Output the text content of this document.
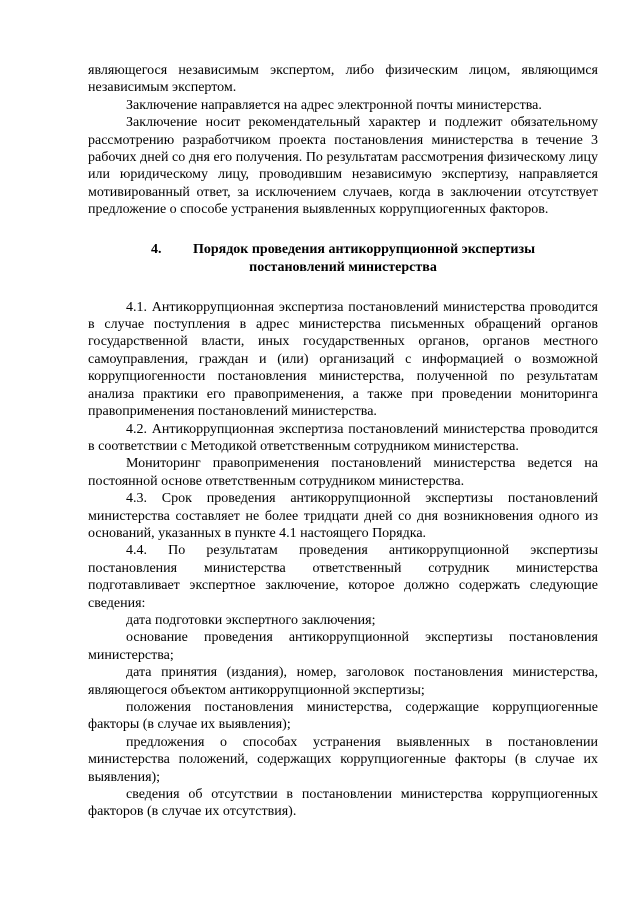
являющегося независимым экспертом, либо физическим лицом, являющимся независимым экспертом.

Заключение направляется на адрес электронной почты министерства.

Заключение носит рекомендательный характер и подлежит обязательному рассмотрению разработчиком проекта постановления министерства в течение 3 рабочих дней со дня его получения. По результатам рассмотрения физическому лицу или юридическому лицу, проводившим независимую экспертизу, направляется мотивированный ответ, за исключением случаев, когда в заключении отсутствует предложение о способе устранения выявленных коррупциогенных факторов.

4. Порядок проведения антикоррупционной экспертизы
постановлений министерства

4.1. Антикоррупционная экспертиза постановлений министерства проводится в случае поступления в адрес министерства письменных обращений органов государственной власти, иных государственных органов, органов местного самоуправления, граждан и (или) организаций с информацией о возможной коррупциогенности постановления министерства, полученной по результатам анализа практики его правоприменения, а также при проведении мониторинга правоприменения постановлений министерства.

4.2. Антикоррупционная экспертиза постановлений министерства проводится в соответствии с Методикой ответственным сотрудником министерства.

Мониторинг правоприменения постановлений министерства ведется на постоянной основе ответственным сотрудником министерства.

4.3. Срок проведения антикоррупционной экспертизы постановлений министерства составляет не более тридцати дней со дня возникновения одного из оснований, указанных в пункте 4.1 настоящего Порядка.

4.4. По результатам проведения антикоррупционной экспертизы постановления министерства ответственный сотрудник министерства подготавливает экспертное заключение, которое должно содержать следующие сведения:

дата подготовки экспертного заключения;

основание проведения антикоррупционной экспертизы постановления министерства;

дата принятия (издания), номер, заголовок постановления министерства, являющегося объектом антикоррупционной экспертизы;

положения постановления министерства, содержащие коррупциогенные факторы (в случае их выявления);

предложения о способах устранения выявленных в постановлении министерства положений, содержащих коррупциогенные факторы (в случае их выявления);

сведения об отсутствии в постановлении министерства коррупциогенных факторов (в случае их отсутствия).
